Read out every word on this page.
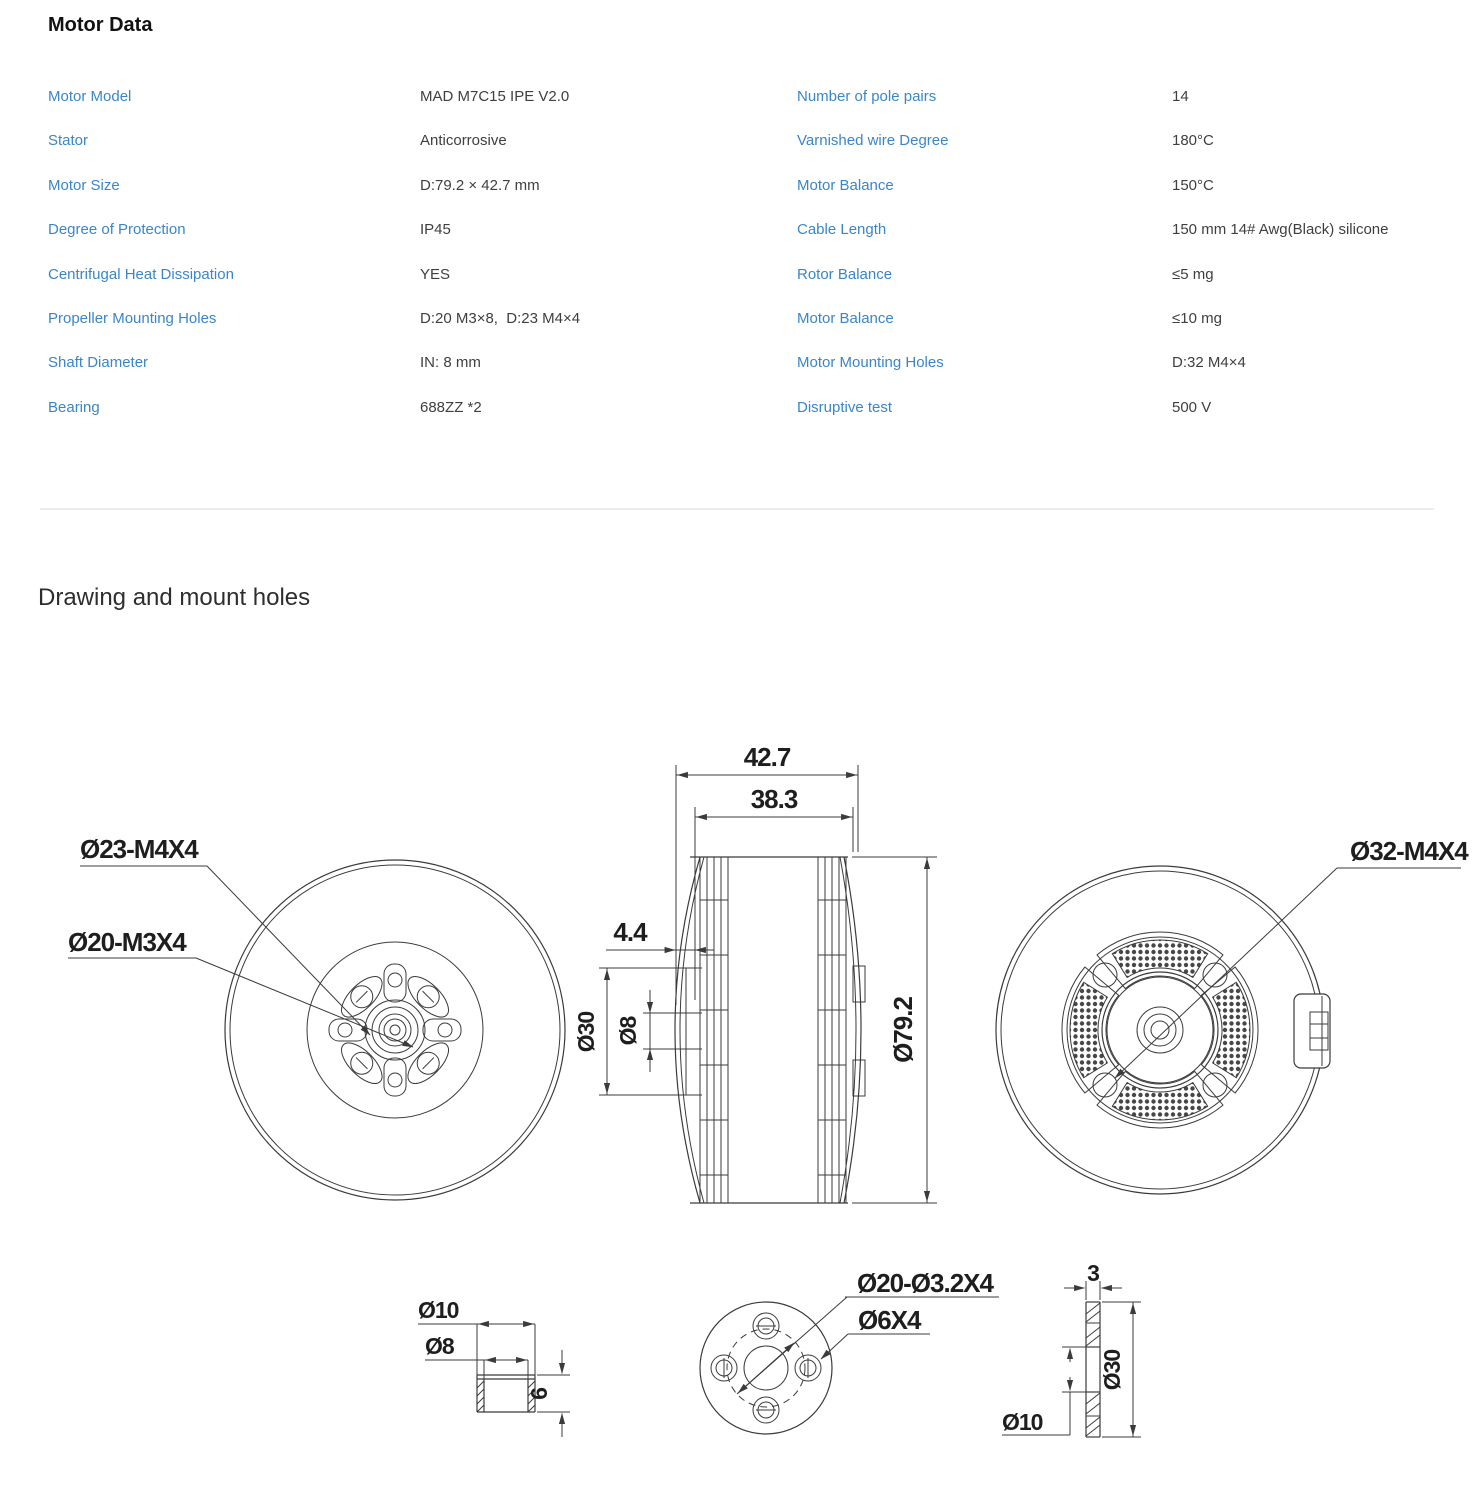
Motor Data
Motor Model	MAD M7C15 IPE V2.0
Stator	Anticorrosive
Motor Size	D:79.2 × 42.7 mm
Degree of Protection	IP45
Centrifugal Heat Dissipation	YES
Propeller Mounting Holes	D:20 M3×8,  D:23 M4×4
Shaft Diameter	IN: 8 mm
Bearing	688ZZ *2
Number of pole pairs	14
Varnished wire Degree	180°C
Motor Balance	150°C
Cable Length	150 mm 14# Awg(Black) silicone
Rotor Balance	≤5 mg
Motor Balance	≤10 mg
Motor Mounting Holes	D:32 M4×4
Disruptive test	500 V
Drawing and mount holes
Ø23-M4X4
Ø20-M3X4
42.7
38.3
4.4
Ø30 Ø8	Ø79.2
Ø32-M4X4
Ø10
Ø8
6
Ø20-Ø3.2X4
Ø6X4
3
Ø30
Ø10
